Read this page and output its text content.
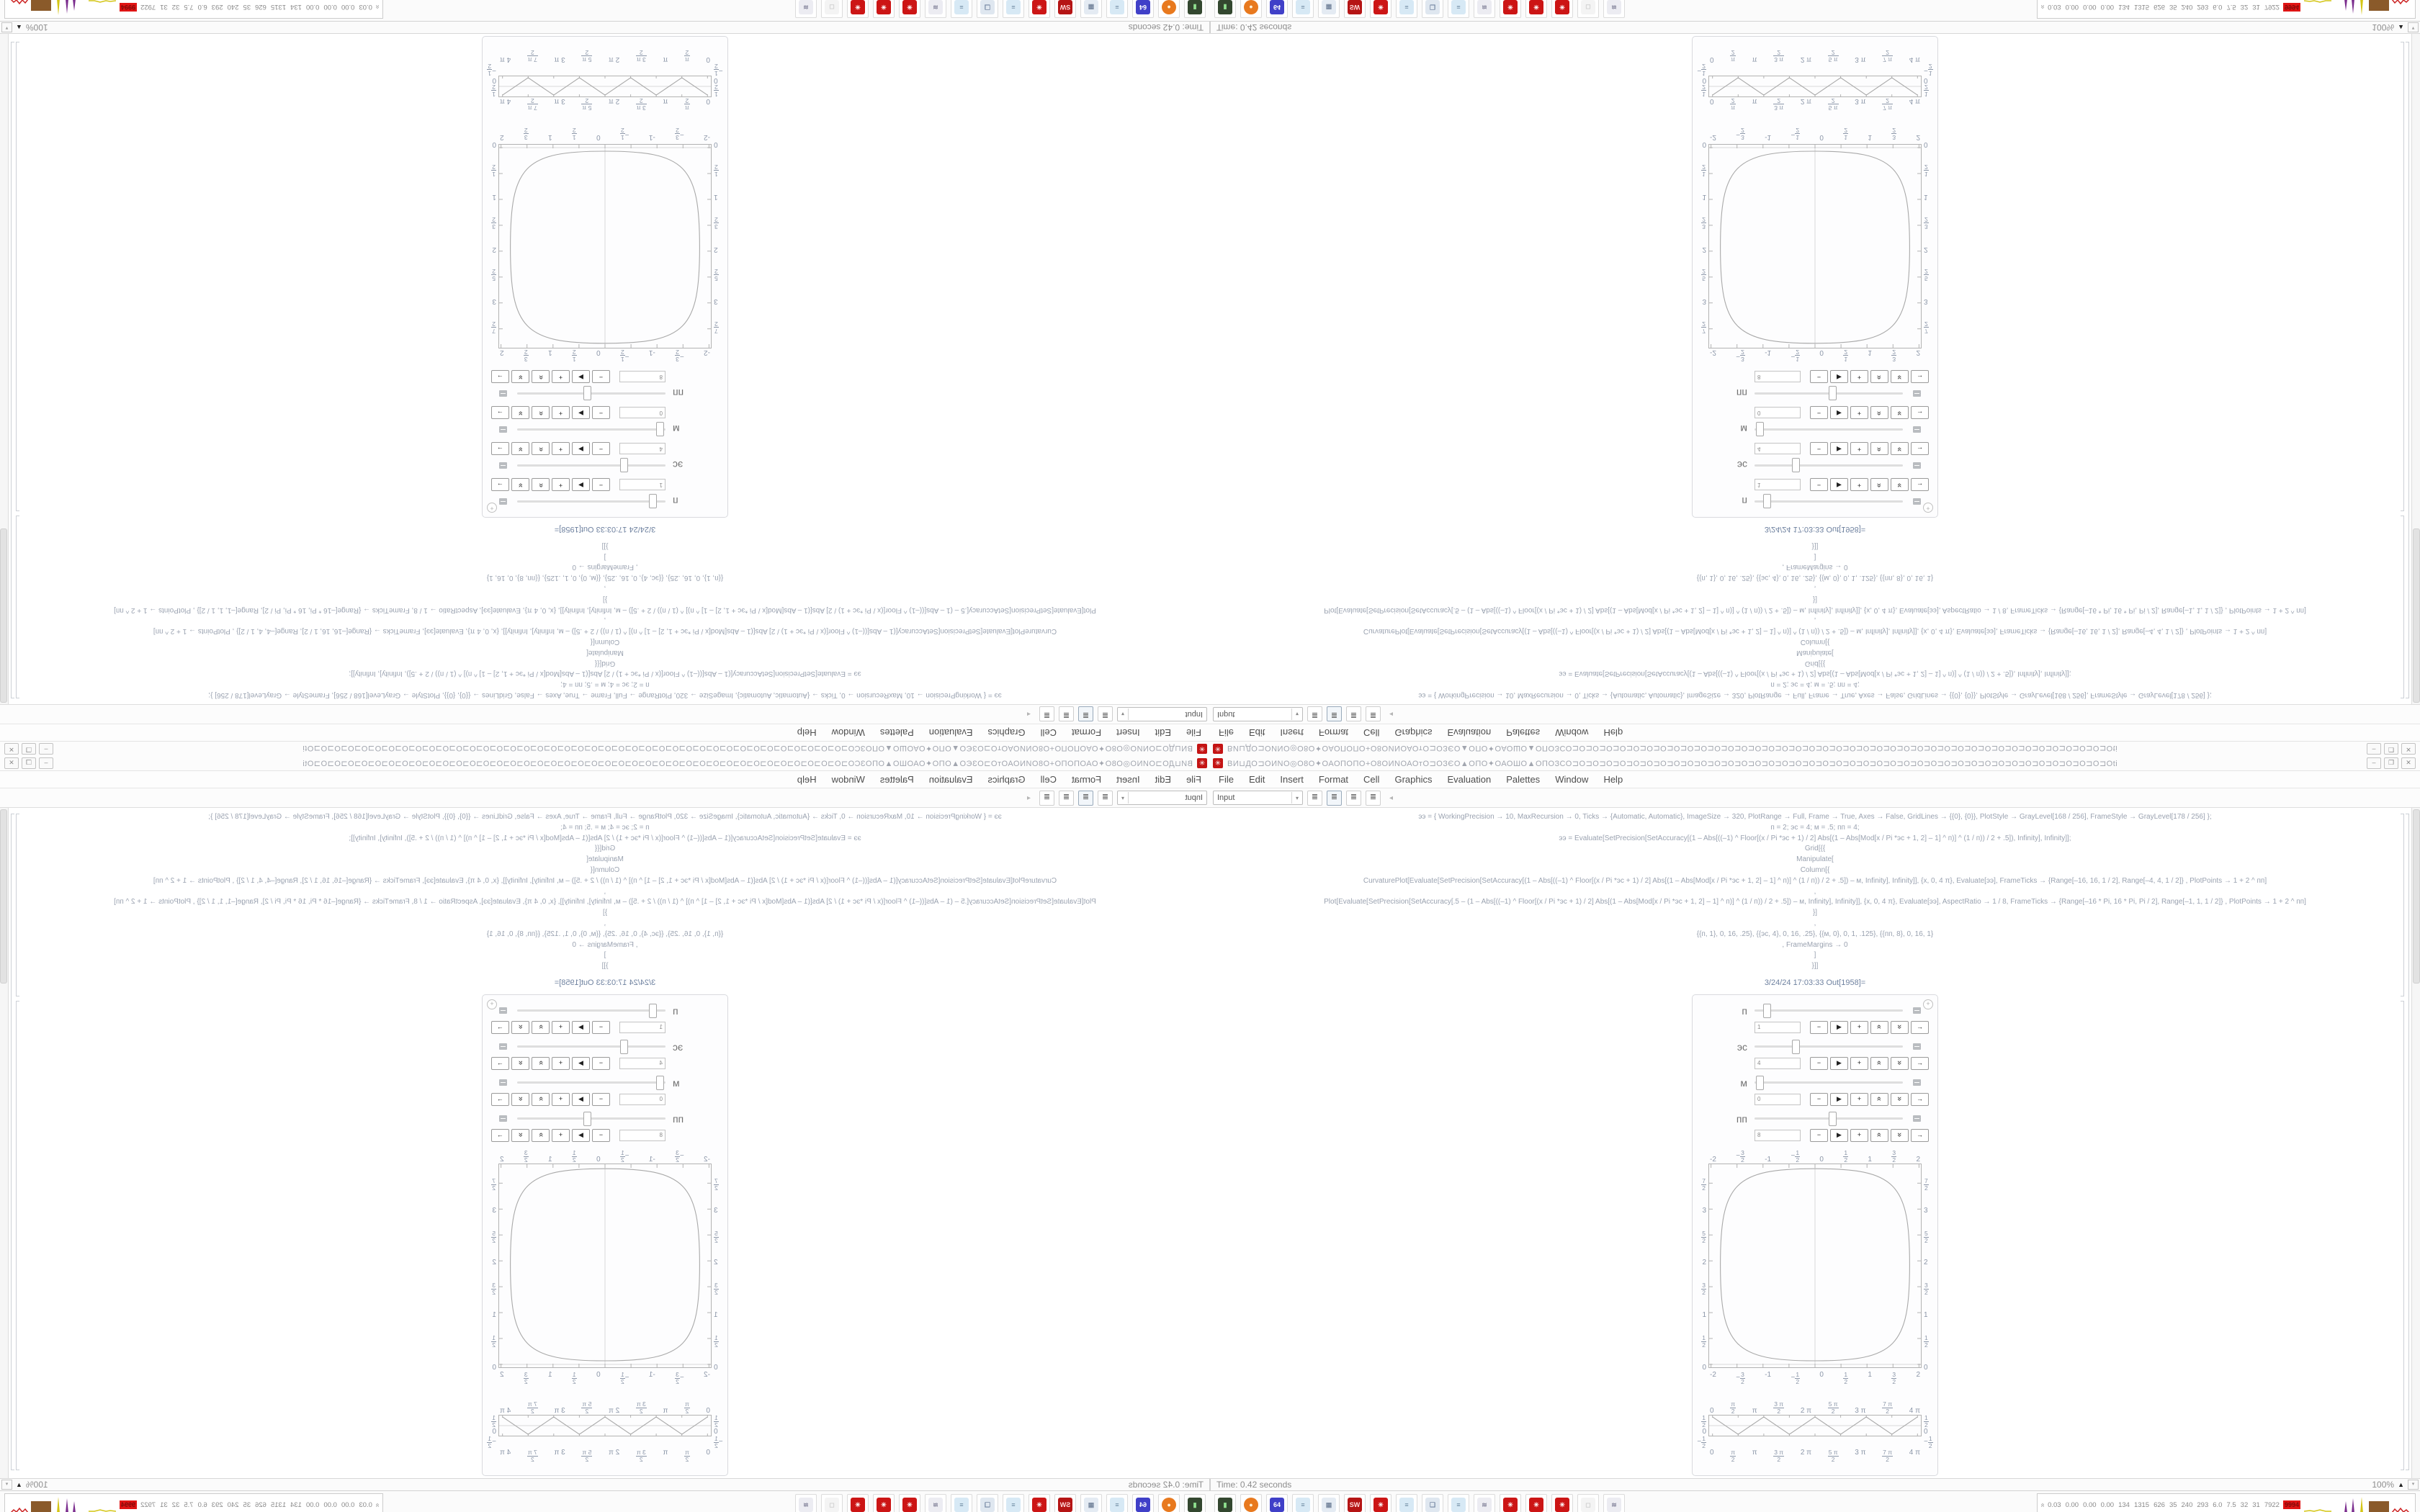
✳
ВИ⊔ДО⊐ОИNО◎О8О✦ОАОПОПО+О8ОИNОАОтО⊐ОЗЄО▲ОПО✦ОАОШО▲ОПОЗСО⊐О⊐О⊐О⊐О⊐О⊐О⊐О⊐О⊐О⊐О⊐О⊐О⊐О⊐О⊐О⊐О⊐О⊐О⊐О⊐О⊐О⊐О⊐О⊐О⊐О⊐О⊐О⊐О⊐О⊐О⊐О⊐О⊐О⊐О⊐О⊐О⊐О⊐О⊐О⊐Оti
–
❐
✕
File
Edit
Insert
Format
Cell
Graphics
Evaluation
Palettes
Window
Help
Input
▾
≣
≣
≣
≣
◂
ээ = { WorkingPrecision → 10, MaxRecursion → 0, Ticks → {Automatic, Automatic}, ImageSize → 320, PlotRange → Full, Frame → True, Axes → False, GridLines → {{0}, {0}}, PlotStyle → GrayLevel[168 / 256], FrameStyle → GrayLevel[178 / 256] };
п = 2; эс = 4; м = .5; пп = 4;
ээ = Evaluate[SetPrecision[SetAccuracy[(1 – Abs[((–1) ^ Floor[(x / Pi *эс + 1) / 2] Abs[(1 – Abs[Mod[x / Pi *эс + 1, 2] – 1] ^ п)] ^ (1 / п)) / 2 + .5]), Infinity], Infinity]];
Grid[{{
Manipulate[
Column[{
CurvaturePlot[Evaluate[SetPrecision[SetAccuracy[(1 – Abs[((–1) ^ Floor[(x / Pi *эс + 1) / 2] Abs[(1 – Abs[Mod[x / Pi *эс + 1, 2] – 1] ^ п)] ^ (1 / п)) / 2 + .5]) – м, Infinity], Infinity]], {x, 0, 4 π}, Evaluate[ээ], FrameTicks → {Range[–16, 16, 1 / 2], Range[–4, 4, 1 / 2]} , PlotPoints → 1 + 2 ^ пп]
,
Plot[Evaluate[SetPrecision[SetAccuracy[.5 – (1 – Abs[((–1) ^ Floor[(x / Pi *эс + 1) / 2] Abs[(1 – Abs[Mod[x / Pi *эс + 1, 2] – 1] ^ п)] ^ (1 / п)) / 2 + .5]) – м, Infinity], Infinity]], {x, 0, 4 π}, Evaluate[ээ], AspectRatio → 1 / 8, FrameTicks → {Range[–16 * Pi, 16 * Pi, Pi / 2], Range[–1, 1, 1 / 2]} , PlotPoints → 1 + 2 ^ пп]
}]
,
{{п, 1}, 0, 16, .25}, {{эс, 4}, 0, 16, .25}, {{м, 0}, 0, 1, .125}, {{пп, 8}, 0, 16, 1}
, FrameMargins → 0
]
}]]
3/24/24 17:03:33 Out[1958]=
+
п
1
−
▶
+
»
»
→
эс
4
−
▶
+
»
»
→
м
0
−
▶
+
»
»
→
пп
8
−
▶
+
»
»
→
-2
−
3
2
-1
−
1
2
0
1
2
1
3
2
2
7
2
3
5
2
2
3
2
1
1
2
0
7
2
3
5
2
2
3
2
1
1
2
0
-2
−
3
2
-1
−
1
2
0
1
2
1
3
2
2
0
π
2
π
3 π
2
2 π
5 π
2
3 π
7 π
2
4 π
1
2
0
−
1
2
1
2
0
−
1
2
0
π
2
π
3 π
2
2 π
5 π
2
3 π
7 π
2
4 π
Time: 0.42 seconds
100%
▲
▾
▮
●
64
≡
▦
SW
✳
≡
❑
≡
≋
✳
✳
✳
◻
≋
»
0.03
0.00
0.00
0.00
134
1315
626
35
240
293
6.0
7.5
32
31
7922
9994
✳ ВИ⊔ДО⊐ОИNО◎О8О✦ОАОПОПО+О8ОИNОАОтО⊐ОЗЄО▲ОПО✦ОАОШО▲ОПОЗСО⊐О⊐О⊐О⊐О⊐О⊐О⊐О⊐О⊐О⊐О⊐О⊐О⊐О⊐О⊐О⊐О⊐О⊐О⊐О⊐О⊐О⊐О⊐О⊐О⊐О⊐О⊐О⊐О⊐О⊐О⊐О⊐О⊐О⊐О⊐О⊐О⊐О⊐О⊐О⊐Оti	–	❐	✕
File Edit Insert Format Cell Graphics Evaluation Palettes Window Help
Input	▾	≣	≣	≣	≣	◂
ээ = { WorkingPrecision → 10, MaxRecursion → 0, Ticks → {Automatic, Automatic}, ImageSize → 320, PlotRange → Full, Frame → True, Axes → False, GridLines → {{0}, {0}}, PlotStyle → GrayLevel[168 / 256], FrameStyle → GrayLevel[178 / 256] };
п = 2; эс = 4; м = .5; пп = 4;
ээ = Evaluate[SetPrecision[SetAccuracy[(1 – Abs[((–1) ^ Floor[(x / Pi *эс + 1) / 2] Abs[(1 – Abs[Mod[x / Pi *эс + 1, 2] – 1] ^ п)] ^ (1 / п)) / 2 + .5]), Infinity], Infinity]];
Grid[{{
Manipulate[
Column[{
CurvaturePlot[Evaluate[SetPrecision[SetAccuracy[(1 – Abs[((–1) ^ Floor[(x / Pi *эс + 1) / 2] Abs[(1 – Abs[Mod[x / Pi *эс + 1, 2] – 1] ^ п)] ^ (1 / п)) / 2 + .5]) – м, Infinity], Infinity]], {x, 0, 4 π}, Evaluate[ээ], FrameTicks → {Range[–16, 16, 1 / 2], Range[–4, 4, 1 / 2]} , PlotPoints → 1 + 2 ^ пп]
,
Plot[Evaluate[SetPrecision[SetAccuracy[.5 – (1 – Abs[((–1) ^ Floor[(x / Pi *эс + 1) / 2] Abs[(1 – Abs[Mod[x / Pi *эс + 1, 2] – 1] ^ п)] ^ (1 / п)) / 2 + .5]) – м, Infinity], Infinity]], {x, 0, 4 π}, Evaluate[ээ], AspectRatio → 1 / 8, FrameTicks → {Range[–16 * Pi, 16 * Pi, Pi / 2], Range[–1, 1, 1 / 2]} , PlotPoints → 1 + 2 ^ пп]
}]
,
{{п, 1}, 0, 16, .25}, {{эс, 4}, 0, 16, .25}, {{м, 0}, 0, 1, .125}, {{пп, 8}, 0, 16, 1}
, FrameMargins → 0
]
}]]
3/24/24 17:03:33 Out[1958]=
+
п
1	−	▶	+	»	»	→
эс
4	−	▶	+	»	»	→
м
0	−	▶	+	»	»	→
пп
8	−	▶	+	»	»	→
-2	− 3
2	-1	− 1
2	0
1
2	1
3
2	2
7
2
3
5
2
2
3
2
1
1
2
0
7
2
3
5
2
2
3
2
1
1
2
0
-2	− 3
2
-1	− 1
2
0	1
2
1	3
2
2
0
π
2 π
3 π
2	2 π
5 π
2	3 π
7 π
2	4 π
1
2
0
− 1
2
1
2
0
− 1
2
0	π
2
π	3 π
2
2 π	5 π
2
3 π	7 π
2
4 π
Time: 0.42 seconds	100% ▲	▾
▮	●	64	≡	▦	SW	✳	≡	❑	≡	≋	✳	✳	✳	◻	≋	» 0.03 0.00 0.00 0.00 134 1315 626 35 240 293 6.0 7.5 32 31 7922 9994
✳
ВИ⊔ДО⊐ОИNО◎О8О✦ОАОПОПО+О8ОИNОАОтО⊐ОЗЄО▲ОПО✦ОАОШО▲ОПОЗСО⊐О⊐О⊐О⊐О⊐О⊐О⊐О⊐О⊐О⊐О⊐О⊐О⊐О⊐О⊐О⊐О⊐О⊐О⊐О⊐О⊐О⊐О⊐О⊐О⊐О⊐О⊐О⊐О⊐О⊐О⊐О⊐О⊐О⊐О⊐О⊐О⊐О⊐О⊐О⊐Оti
–
❐
✕
File
Edit
Insert
Format
Cell
Graphics
Evaluation
Palettes
Window
Help
Input
▾
≣
≣
≣
≣
◂
ээ = { WorkingPrecision → 10, MaxRecursion → 0, Ticks → {Automatic, Automatic}, ImageSize → 320, PlotRange → Full, Frame → True, Axes → False, GridLines → {{0}, {0}}, PlotStyle → GrayLevel[168 / 256], FrameStyle → GrayLevel[178 / 256] };
п = 2; эс = 4; м = .5; пп = 4;
ээ = Evaluate[SetPrecision[SetAccuracy[(1 – Abs[((–1) ^ Floor[(x / Pi *эс + 1) / 2] Abs[(1 – Abs[Mod[x / Pi *эс + 1, 2] – 1] ^ п)] ^ (1 / п)) / 2 + .5]), Infinity], Infinity]];
Grid[{{
Manipulate[
Column[{
CurvaturePlot[Evaluate[SetPrecision[SetAccuracy[(1 – Abs[((–1) ^ Floor[(x / Pi *эс + 1) / 2] Abs[(1 – Abs[Mod[x / Pi *эс + 1, 2] – 1] ^ п)] ^ (1 / п)) / 2 + .5]) – м, Infinity], Infinity]], {x, 0, 4 π}, Evaluate[ээ], FrameTicks → {Range[–16, 16, 1 / 2], Range[–4, 4, 1 / 2]} , PlotPoints → 1 + 2 ^ пп]
,
Plot[Evaluate[SetPrecision[SetAccuracy[.5 – (1 – Abs[((–1) ^ Floor[(x / Pi *эс + 1) / 2] Abs[(1 – Abs[Mod[x / Pi *эс + 1, 2] – 1] ^ п)] ^ (1 / п)) / 2 + .5]) – м, Infinity], Infinity]], {x, 0, 4 π}, Evaluate[ээ], AspectRatio → 1 / 8, FrameTicks → {Range[–16 * Pi, 16 * Pi, Pi / 2], Range[–1, 1, 1 / 2]} , PlotPoints → 1 + 2 ^ пп]
}]
,
{{п, 1}, 0, 16, .25}, {{эс, 4}, 0, 16, .25}, {{м, 0}, 0, 1, .125}, {{пп, 8}, 0, 16, 1}
, FrameMargins → 0
]
}]]
3/24/24 17:03:33 Out[1958]=
+
п
1
−
▶
+
»
»
→
эс
4
−
▶
+
»
»
→
м
0
−
▶
+
»
»
→
пп
8
−
▶
+
»
»
→
-2
−
3
2
-1
−
1
2
0
1
2
1
3
2
2
7
2
3
5
2
2
3
2
1
1
2
0
7
2
3
5
2
2
3
2
1
1
2
0
-2
−
3
2
-1
−
1
2
0
1
2
1
3
2
2
0
π
2
π
3 π
2
2 π
5 π
2
3 π
7 π
2
4 π
1
2
0
−
1
2
1
2
0
−
1
2
0
π
2
π
3 π
2
2 π
5 π
2
3 π
7 π
2
4 π
Time: 0.42 seconds
100%
▲
▾
▮
●
64
≡
▦
SW
✳
≡
❑
≡
≋
✳
✳
✳
◻
≋
»
0.03
0.00
0.00
0.00
134
1315
626
35
240
293
6.0
7.5
32
31
7922
9994
✳ ВИ⊔ДО⊐ОИNО◎О8О✦ОАОПОПО+О8ОИNОАОтО⊐ОЗЄО▲ОПО✦ОАОШО▲ОПОЗСО⊐О⊐О⊐О⊐О⊐О⊐О⊐О⊐О⊐О⊐О⊐О⊐О⊐О⊐О⊐О⊐О⊐О⊐О⊐О⊐О⊐О⊐О⊐О⊐О⊐О⊐О⊐О⊐О⊐О⊐О⊐О⊐О⊐О⊐О⊐О⊐О⊐О⊐О⊐О⊐Оti	–	❐	✕
File Edit Insert Format Cell Graphics Evaluation Palettes Window Help
Input	▾	≣	≣	≣	≣	◂
ээ = { WorkingPrecision → 10, MaxRecursion → 0, Ticks → {Automatic, Automatic}, ImageSize → 320, PlotRange → Full, Frame → True, Axes → False, GridLines → {{0}, {0}}, PlotStyle → GrayLevel[168 / 256], FrameStyle → GrayLevel[178 / 256] };
п = 2; эс = 4; м = .5; пп = 4;
ээ = Evaluate[SetPrecision[SetAccuracy[(1 – Abs[((–1) ^ Floor[(x / Pi *эс + 1) / 2] Abs[(1 – Abs[Mod[x / Pi *эс + 1, 2] – 1] ^ п)] ^ (1 / п)) / 2 + .5]), Infinity], Infinity]];
Grid[{{
Manipulate[
Column[{
CurvaturePlot[Evaluate[SetPrecision[SetAccuracy[(1 – Abs[((–1) ^ Floor[(x / Pi *эс + 1) / 2] Abs[(1 – Abs[Mod[x / Pi *эс + 1, 2] – 1] ^ п)] ^ (1 / п)) / 2 + .5]) – м, Infinity], Infinity]], {x, 0, 4 π}, Evaluate[ээ], FrameTicks → {Range[–16, 16, 1 / 2], Range[–4, 4, 1 / 2]} , PlotPoints → 1 + 2 ^ пп]
,
Plot[Evaluate[SetPrecision[SetAccuracy[.5 – (1 – Abs[((–1) ^ Floor[(x / Pi *эс + 1) / 2] Abs[(1 – Abs[Mod[x / Pi *эс + 1, 2] – 1] ^ п)] ^ (1 / п)) / 2 + .5]) – м, Infinity], Infinity]], {x, 0, 4 π}, Evaluate[ээ], AspectRatio → 1 / 8, FrameTicks → {Range[–16 * Pi, 16 * Pi, Pi / 2], Range[–1, 1, 1 / 2]} , PlotPoints → 1 + 2 ^ пп]
}]
,
{{п, 1}, 0, 16, .25}, {{эс, 4}, 0, 16, .25}, {{м, 0}, 0, 1, .125}, {{пп, 8}, 0, 16, 1}
, FrameMargins → 0
]
}]]
3/24/24 17:03:33 Out[1958]=
+
п
1	−	▶	+	»	»	→
эс
4	−	▶	+	»	»	→
м
0	−	▶	+	»	»	→
пп
8	−	▶	+	»	»	→
-2	− 3
2	-1	− 1
2	0
1
2	1
3
2	2
7
2
3
5
2
2
3
2
1
1
2
0
7
2
3
5
2
2
3
2
1
1
2
0
-2	− 3
2
-1	− 1
2
0	1
2
1	3
2
2
0
π
2 π
3 π
2	2 π
5 π
2	3 π
7 π
2	4 π
1
2
0
− 1
2
1
2
0
− 1
2
0	π
2
π	3 π
2
2 π	5 π
2
3 π	7 π
2
4 π
Time: 0.42 seconds	100% ▲	▾
▮	●	64	≡	▦	SW	✳	≡	❑	≡	≋	✳	✳	✳	◻	≋	» 0.03 0.00 0.00 0.00 134 1315 626 35 240 293 6.0 7.5 32 31 7922 9994
